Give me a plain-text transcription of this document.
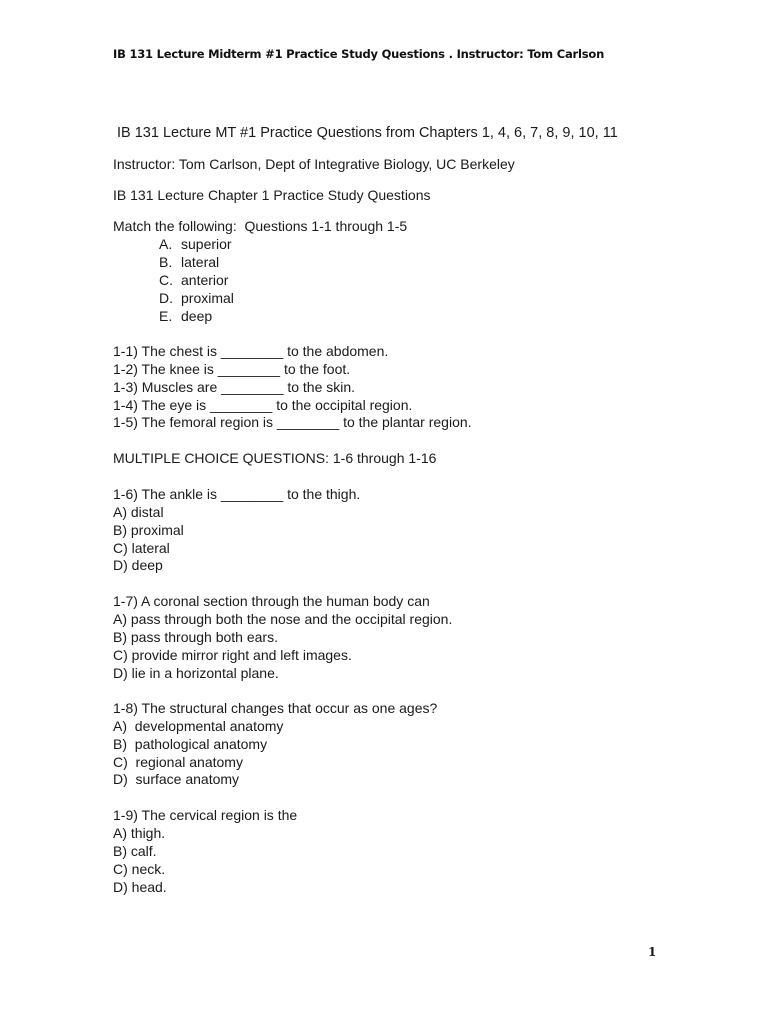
IB 131 Lecture Midterm #1 Practice Study Questions . Instructor: Tom Carlson
IB 131 Lecture MT #1 Practice Questions from Chapters 1, 4, 6, 7, 8, 9, 10, 11
Instructor: Tom Carlson, Dept of Integrative Biology, UC Berkeley
IB 131 Lecture Chapter 1 Practice Study Questions
Match the following:  Questions 1-1 through 1-5
A. superior
B. lateral
C. anterior
D. proximal
E. deep
1-1) The chest is ________ to the abdomen.
1-2) The knee is ________ to the foot.
1-3) Muscles are ________ to the skin.
1-4) The eye is ________ to the occipital region.
1-5) The femoral region is ________ to the plantar region.
MULTIPLE CHOICE QUESTIONS: 1-6 through 1-16
1-6) The ankle is ________ to the thigh.
A) distal
B) proximal
C) lateral
D) deep
1-7) A coronal section through the human body can
A) pass through both the nose and the occipital region.
B) pass through both ears.
C) provide mirror right and left images.
D) lie in a horizontal plane.
1-8) The structural changes that occur as one ages?
A)  developmental anatomy
B)  pathological anatomy
C)  regional anatomy
D)  surface anatomy
1-9) The cervical region is the
A) thigh.
B) calf.
C) neck.
D) head.
1
